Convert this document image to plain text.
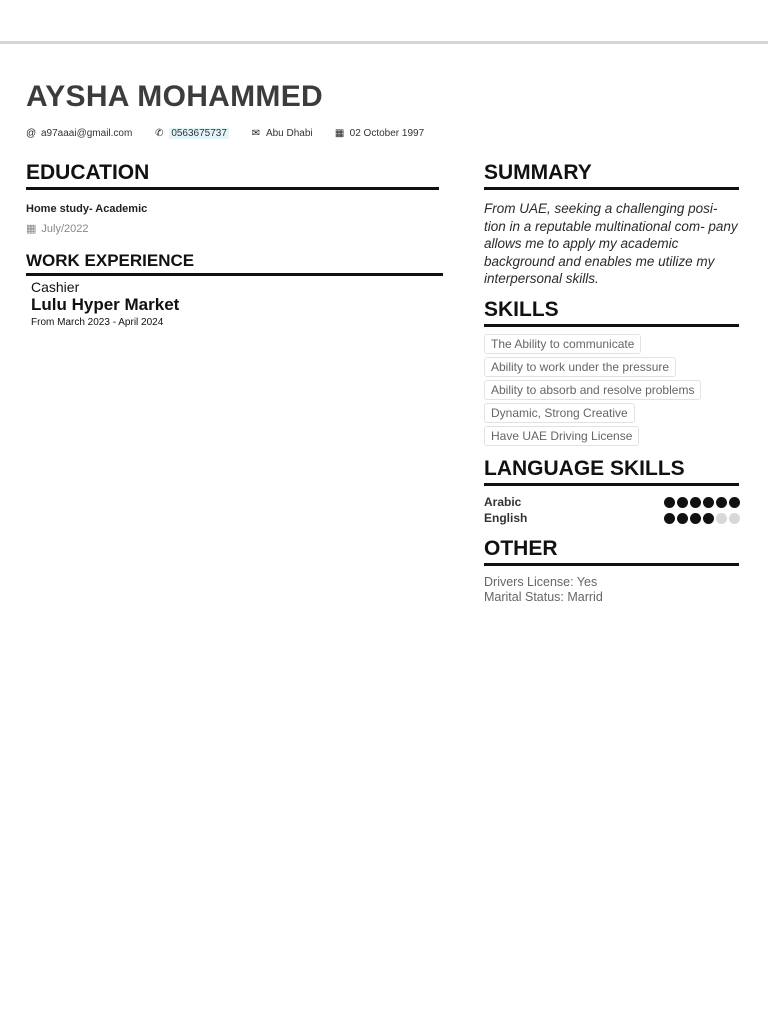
AYSHA MOHAMMED
@ a97aaai@gmail.com ✆ 0563675737 ✉ Abu Dhabi ▦ 02 October 1997
EDUCATION
Home study- Academic
▦ July/2022
WORK EXPERIENCE
Cashier
Lulu Hyper Market
From March 2023 - April 2024
SUMMARY

From UAE, seeking a challenging posi- tion in a reputable multinational com- pany allows me to apply my academic background and enables me utilize my interpersonal skills.

SKILLS
The Ability to communicate
Ability to work under the pressure
Ability to absorb and resolve problems
Dynamic, Strong Creative
Have UAE Driving License
LANGUAGE SKILLS
Arabic
English
OTHER
Drivers License: Yes
Marital Status: Marrid
